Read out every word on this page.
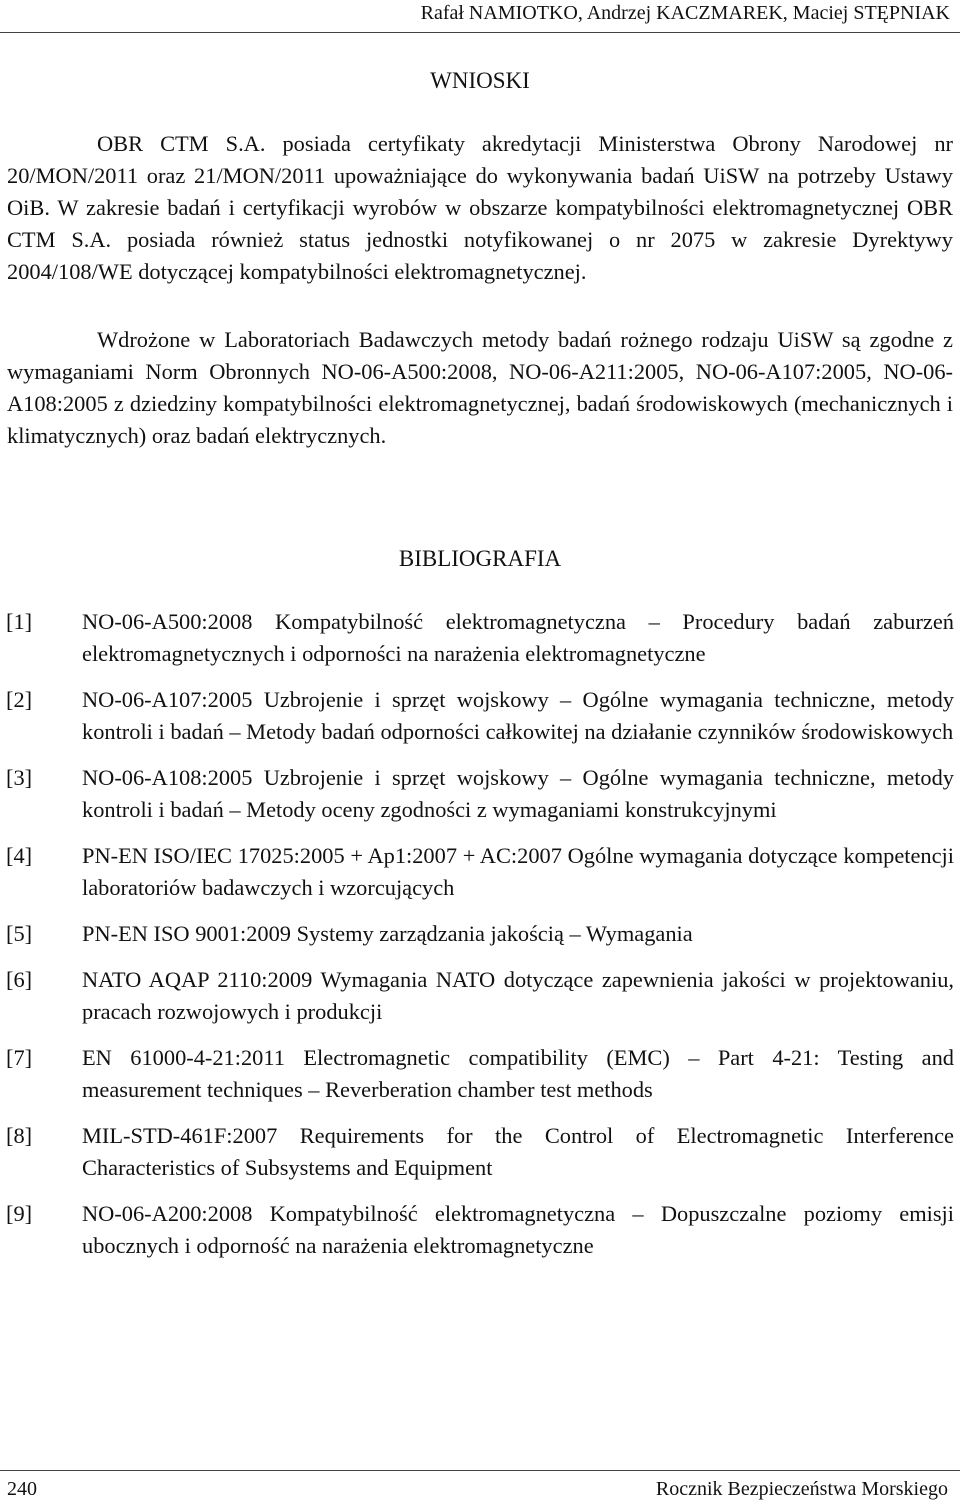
Rafał NAMIOTKO, Andrzej KACZMAREK, Maciej STĘPNIAK
WNIOSKI

OBR CTM S.A. posiada certyfikaty akredytacji Ministerstwa Obrony Narodowej nr 20/MON/2011 oraz 21/MON/2011 upoważniające do wykonywania badań UiSW na potrzeby Ustawy OiB. W zakresie badań i certyfikacji wyrobów w obszarze kompatybilności elektromagnetycznej OBR CTM S.A. posiada również status jednostki notyfikowanej o nr 2075 w zakresie Dyrektywy 2004/108/WE dotyczącej kompatybilności elektromagnetycznej.

Wdrożone w Laboratoriach Badawczych metody badań rożnego rodzaju UiSW są zgodne z wymaganiami Norm Obronnych NO-06-A500:2008, NO-06-A211:2005, NO-06-A107:2005, NO-06-A108:2005 z dziedziny kompatybilności elektromagnetycznej, badań środowiskowych (mechanicznych i klimatycznych) oraz badań elektrycznych.

BIBLIOGRAFIA
[1] NO-06-A500:2008 Kompatybilność elektromagnetyczna ‒ Procedury badań zaburzeń elektromagnetycznych i odporności na narażenia elektromagnetyczne
[2] NO-06-A107:2005 Uzbrojenie i sprzęt wojskowy ‒ Ogólne wymagania techniczne, metody kontroli i badań ‒ Metody badań odporności całkowitej na działanie czynników środowiskowych
[3] NO-06-A108:2005 Uzbrojenie i sprzęt wojskowy ‒ Ogólne wymagania techniczne, metody kontroli i badań ‒ Metody oceny zgodności z wymaganiami konstrukcyjnymi
[4] PN-EN ISO/IEC 17025:2005 + Ap1:2007 + AC:2007 Ogólne wymagania dotyczące kompetencji laboratoriów badawczych i wzorcujących
[5] PN-EN ISO 9001:2009 Systemy zarządzania jakością ‒ Wymagania
[6] NATO AQAP 2110:2009 Wymagania NATO dotyczące zapewnienia jakości w projektowaniu, pracach rozwojowych i produkcji
[7] EN 61000-4-21:2011 Electromagnetic compatibility (EMC) ‒ Part 4-21: Testing and measurement techniques ‒ Reverberation chamber test methods
[8] MIL-STD-461F:2007 Requirements for the Control of Electromagnetic Interference Characteristics of Subsystems and Equipment
[9] NO-06-A200:2008 Kompatybilność elektromagnetyczna ‒ Dopuszczalne poziomy emisji ubocznych i odporność na narażenia elektromagnetyczne
240	Rocznik Bezpieczeństwa Morskiego
